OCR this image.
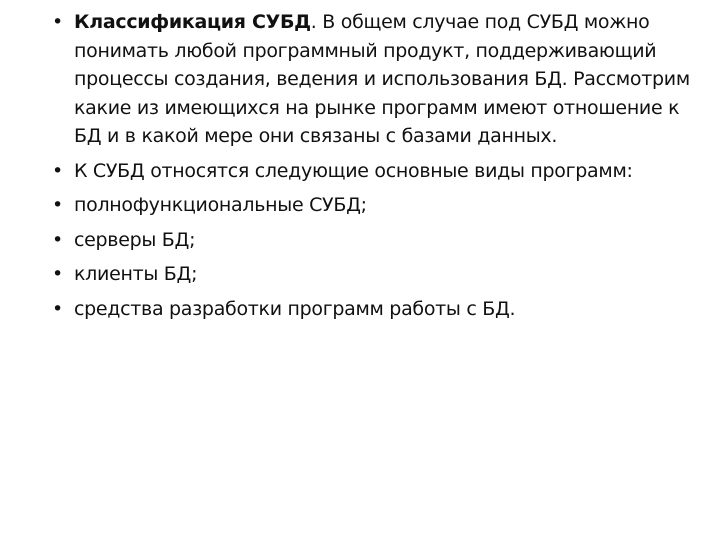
• Классификация СУБД. В общем случае под СУБД можно понимать любой программный продукт, поддерживающий процессы создания, ведения и использования БД. Рассмотрим какие из имеющихся на рынке программ имеют отношение к БД и в какой мере они связаны с базами данных.
• К СУБД относятся следующие основные виды программ:
• полнофункциональные СУБД;
• серверы БД;
• клиенты БД;
• средства разработки программ работы с БД.
